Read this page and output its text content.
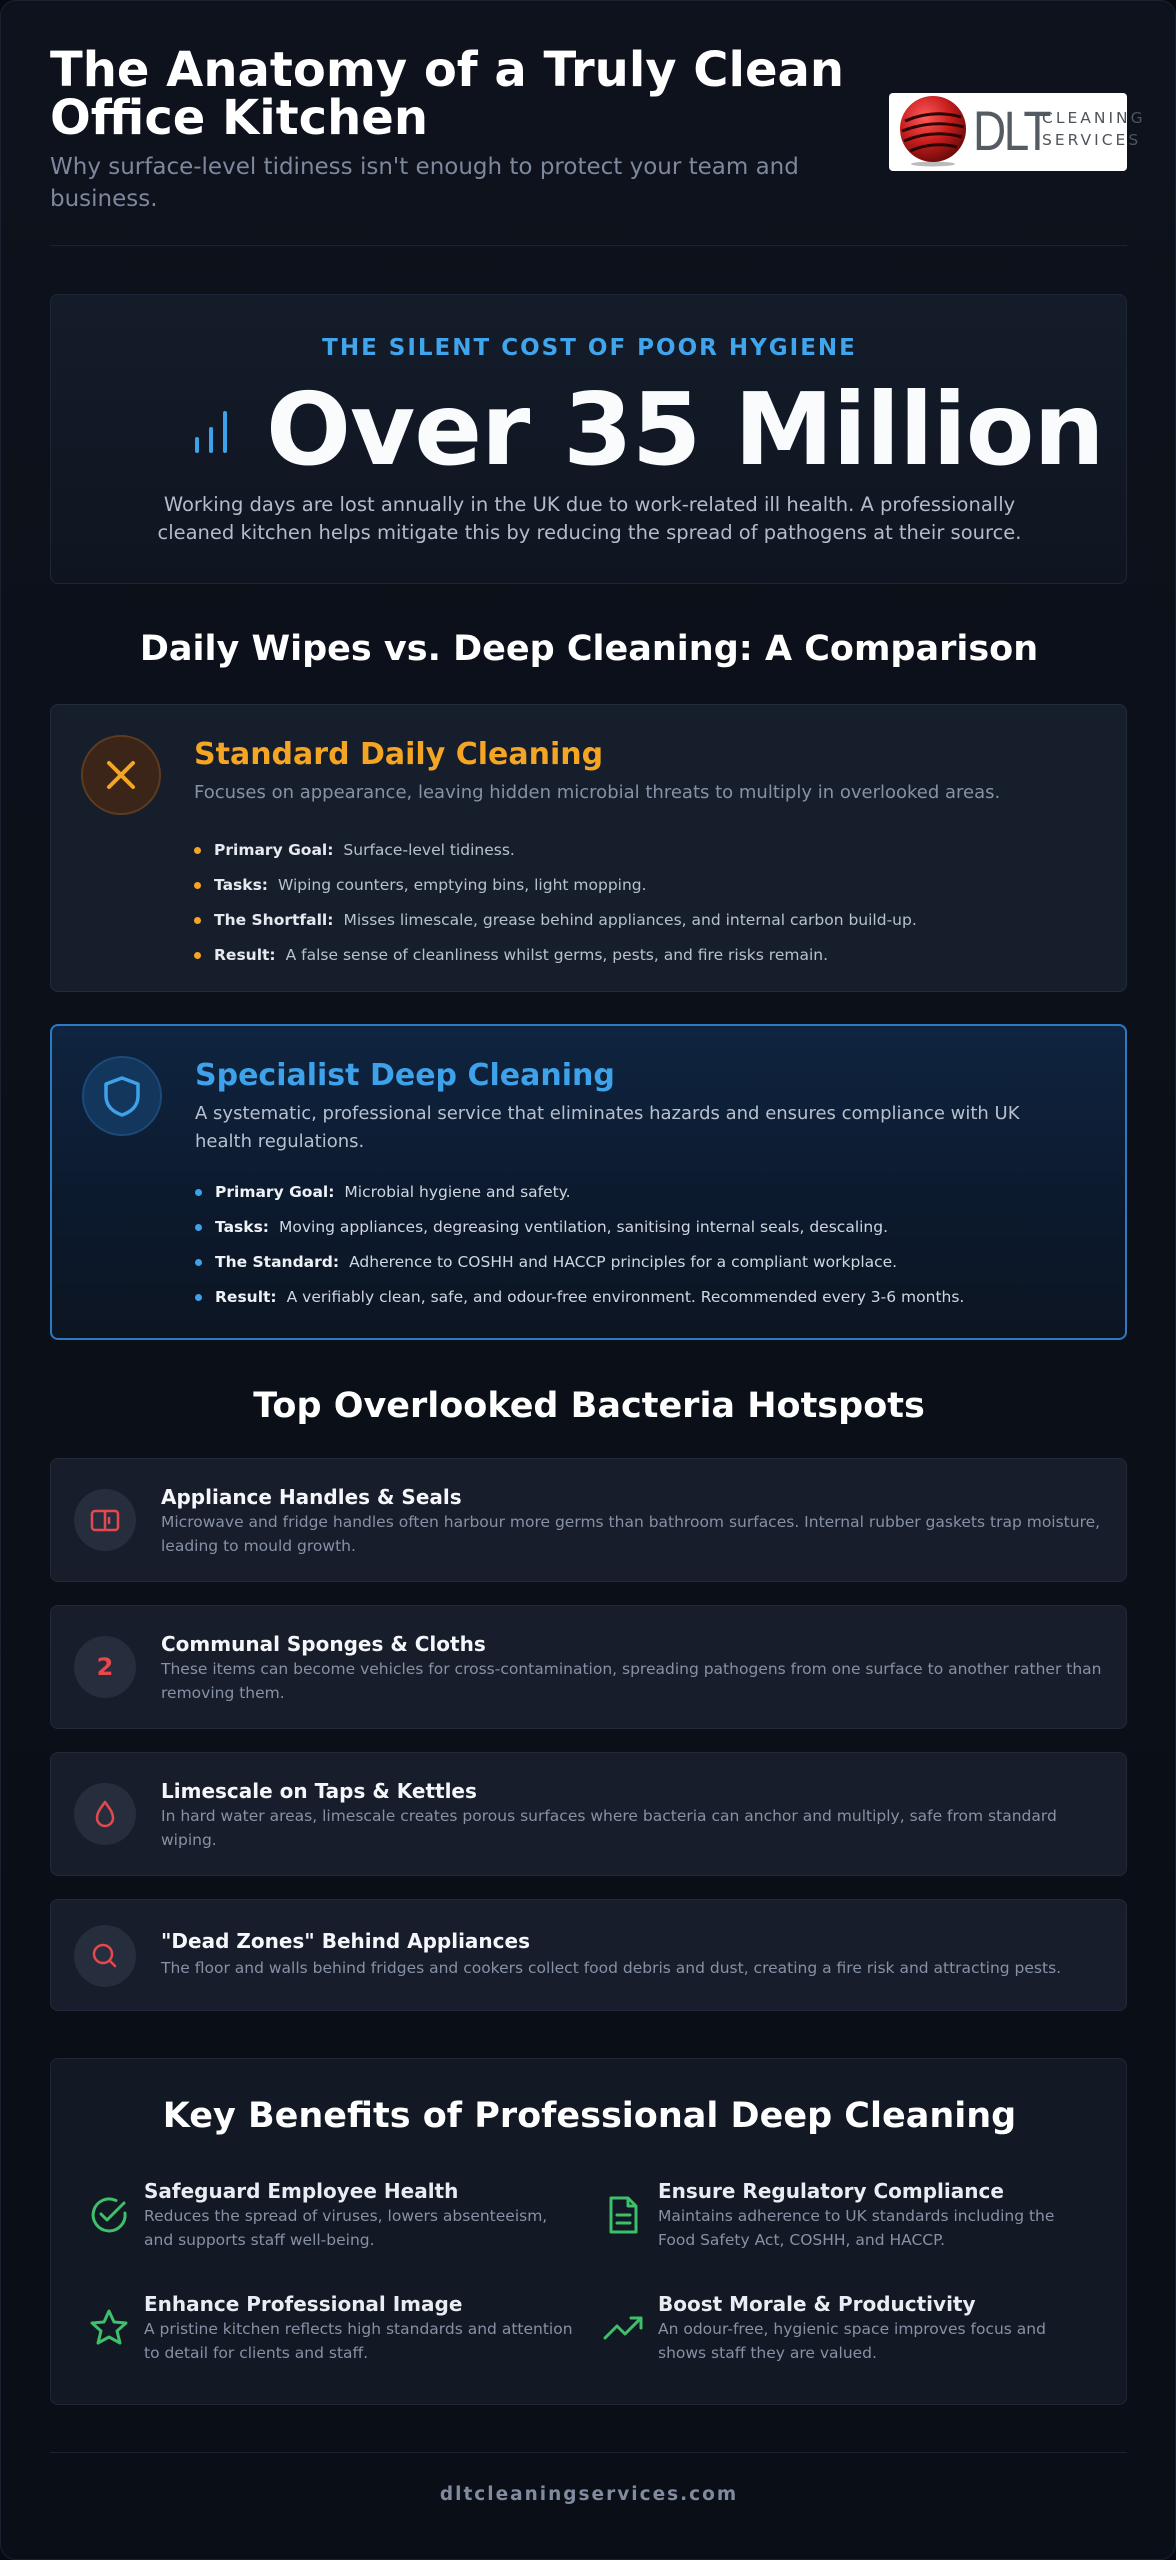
The Anatomy of a Truly Clean Office Kitchen

Why surface-level tidiness isn't enough to protect your team and business.

DLT
CLEANING
SERVICES

THE SILENT COST OF POOR HYGIENE

Over 35 Million

Working days are lost annually in the UK due to work-related ill health. A professionally cleaned kitchen helps mitigate this by reducing the spread of pathogens at their source.

Daily Wipes vs. Deep Cleaning: A Comparison
Standard Daily Cleaning

Focuses on appearance, leaving hidden microbial threats to multiply in overlooked areas.

Primary Goal: Surface-level tidiness.
Tasks: Wiping counters, emptying bins, light mopping.
The Shortfall: Misses limescale, grease behind appliances, and internal carbon build-up.
Result: A false sense of cleanliness whilst germs, pests, and fire risks remain.
Specialist Deep Cleaning

A systematic, professional service that eliminates hazards and ensures compliance with UK health regulations.

Primary Goal: Microbial hygiene and safety.
Tasks: Moving appliances, degreasing ventilation, sanitising internal seals, descaling.
The Standard: Adherence to COSHH and HACCP principles for a compliant workplace.
Result: A verifiably clean, safe, and odour-free environment. Recommended every 3-6 months.
Top Overlooked Bacteria Hotspots

Appliance Handles & Seals

Microwave and fridge handles often harbour more germs than bathroom surfaces. Internal rubber gaskets trap moisture, leading to mould growth.

2

Communal Sponges & Cloths

These items can become vehicles for cross-contamination, spreading pathogens from one surface to another rather than removing them.

Limescale on Taps & Kettles

In hard water areas, limescale creates porous surfaces where bacteria can anchor and multiply, safe from standard wiping.

"Dead Zones" Behind Appliances

The floor and walls behind fridges and cookers collect food debris and dust, creating a fire risk and attracting pests.

Key Benefits of Professional Deep Cleaning

Safeguard Employee Health

Reduces the spread of viruses, lowers absenteeism, and supports staff well-being.

Ensure Regulatory Compliance

Maintains adherence to UK standards including the Food Safety Act, COSHH, and HACCP.

Enhance Professional Image

A pristine kitchen reflects high standards and attention to detail for clients and staff.

Boost Morale & Productivity

An odour-free, hygienic space improves focus and shows staff they are valued.

dltcleaningservices.com
